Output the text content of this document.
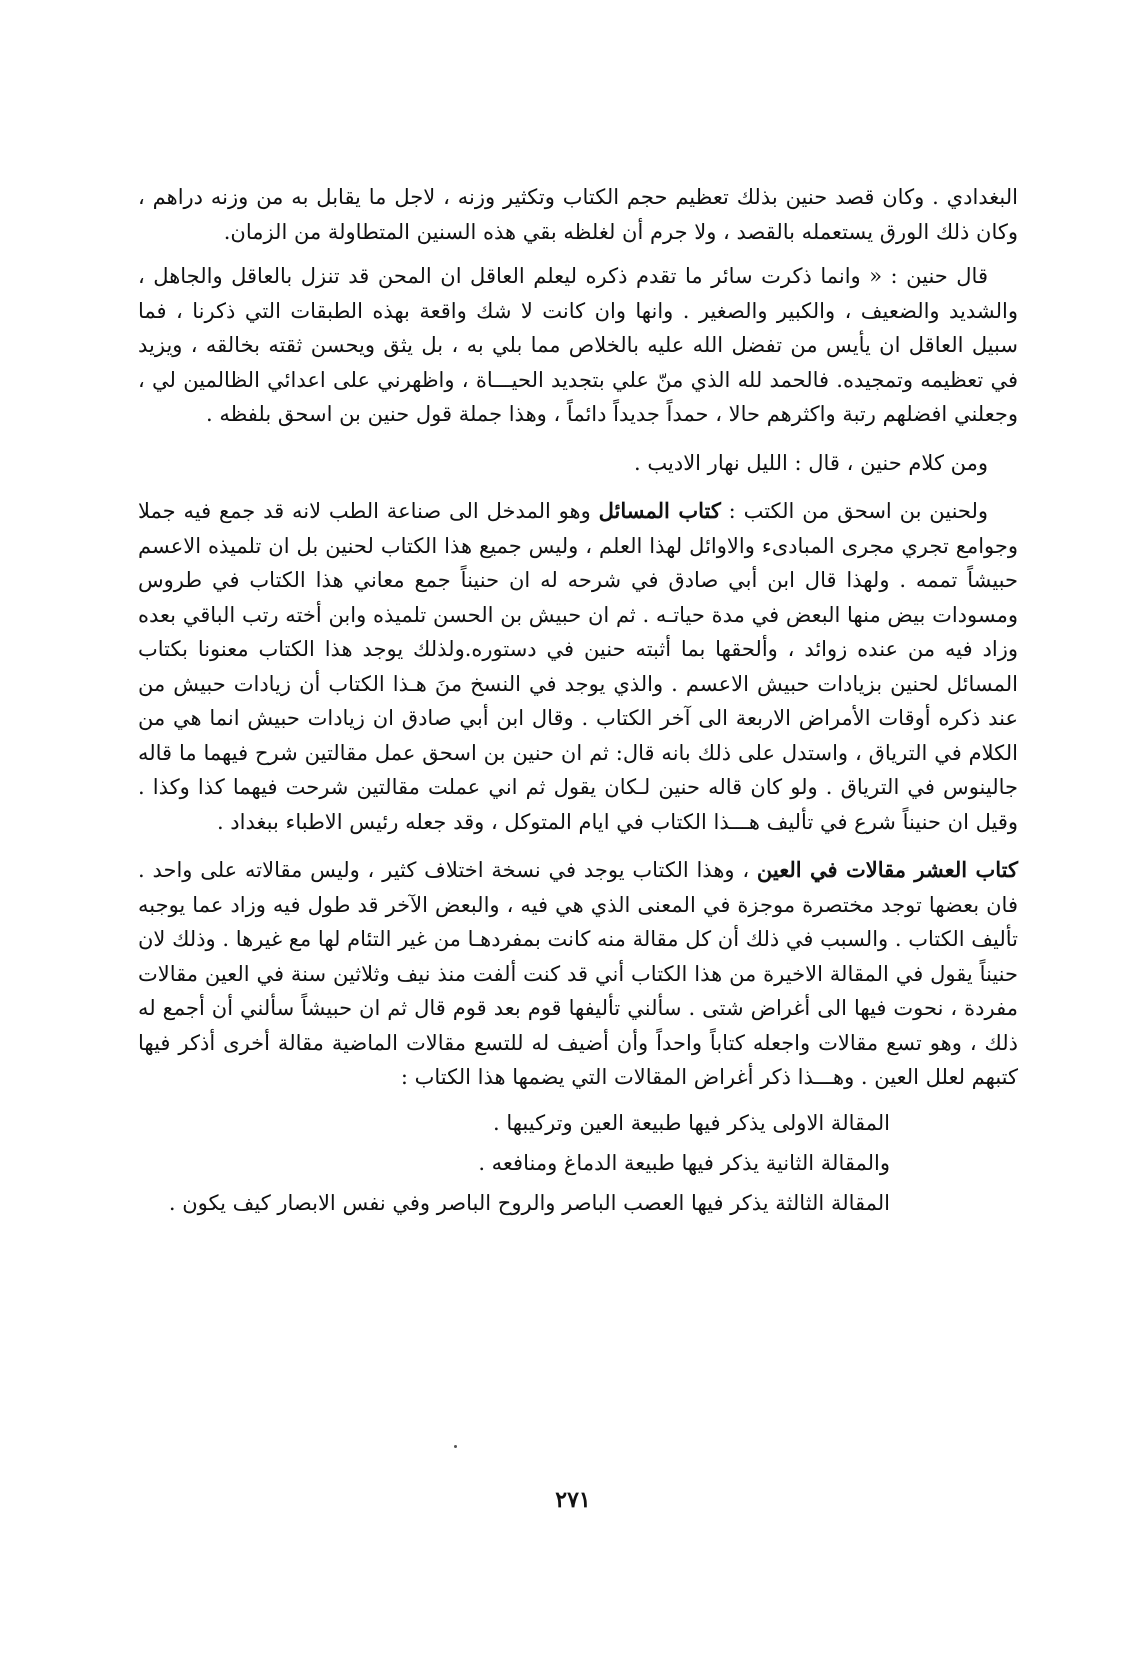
البغدادي . وكان قصد حنين بذلك تعظيم حجم الكتاب وتكثير وزنه ، لاجل ما يقابل به من وزنه دراهم ، وكان ذلك الورق يستعمله بالقصد ، ولا جرم أن لغلظه بقي هذه السنين المتطاولة من الزمان.

قال حنين : « وانما ذكرت سائر ما تقدم ذكره ليعلم العاقل ان المحن قد تنزل بالعاقل والجاهل ، والشديد والضعيف ، والكبير والصغير . وانها وان كانت لا شك واقعة بهذه الطبقات التي ذكرنا ، فما سبيل العاقل ان يأيس من تفضل الله عليه بالخلاص مما بلي به ، بل يثق ويحسن ثقته بخالقه ، ويزيد في تعظيمه وتمجيده. فالحمد لله الذي منّ علي بتجديد الحيـــاة ، واظهرني على اعدائي الظالمين لي ، وجعلني افضلهم رتبة واكثرهم حالا ، حمداً جديداً دائماً ، وهذا جملة قول حنين بن اسحق بلفظه .

ومن كلام حنين ، قال : الليل نهار الاديب .

ولحنين بن اسحق من الكتب : كتاب المسائل وهو المدخل الى صناعة الطب لانه قد جمع فيه جملا وجوامع تجري مجرى المبادىء والاوائل لهذا العلم ، وليس جميع هذا الكتاب لحنين بل ان تلميذه الاعسم حبيشاً تممه . ولهذا قال ابن أبي صادق في شرحه له ان حنيناً جمع معاني هذا الكتاب في طروس ومسودات بيض منها البعض في مدة حياتـه . ثم ان حبيش بن الحسن تلميذه وابن أخته رتب الباقي بعده وزاد فيه من عنده زوائد ، وألحقها بما أثبته حنين في دستوره.ولذلك يوجد هذا الكتاب معنونا بكتاب المسائل لحنين بزيادات حبيش الاعسم . والذي يوجد في النسخ منَ هـذا الكتاب أن زيادات حبيش من عند ذكره أوقات الأمراض الاربعة الى آخر الكتاب . وقال ابن أبي صادق ان زيادات حبيش انما هي من الكلام في الترياق ، واستدل على ذلك بانه قال: ثم ان حنين بن اسحق عمل مقالتين شرح فيهما ما قاله جالينوس في الترياق . ولو كان قاله حنين لـكان يقول ثم اني عملت مقالتين شرحت فيهما كذا وكذا . وقيل ان حنيناً شرع في تأليف هـــذا الكتاب في ايام المتوكل ، وقد جعله رئيس الاطباء ببغداد .

كتاب العشر مقالات في العين ، وهذا الكتاب يوجد في نسخة اختلاف كثير ، وليس مقالاته على واحد . فان بعضها توجد مختصرة موجزة في المعنى الذي هي فيه ، والبعض الآخر قد طول فيه وزاد عما يوجبه تأليف الكتاب . والسبب في ذلك أن كل مقالة منه كانت بمفردهـا من غير التئام لها مع غيرها . وذلك لان حنيناً يقول في المقالة الاخيرة من هذا الكتاب أني قد كنت ألفت منذ نيف وثلاثين سنة في العين مقالات مفردة ، نحوت فيها الى أغراض شتى . سألني تأليفها قوم بعد قوم قال ثم ان حبيشاً سألني أن أجمع له ذلك ، وهو تسع مقالات واجعله كتاباً واحداً وأن أضيف له للتسع مقالات الماضية مقالة أخرى أذكر فيها كتبهم لعلل العين . وهـــذا ذكر أغراض المقالات التي يضمها هذا الكتاب :

المقالة الاولى يذكر فيها طبيعة العين وتركيبها .

والمقالة الثانية يذكر فيها طبيعة الدماغ ومنافعه .

المقالة الثالثة يذكر فيها العصب الباصر والروح الباصر وفي نفس الابصار كيف يكون .

٢٧١
